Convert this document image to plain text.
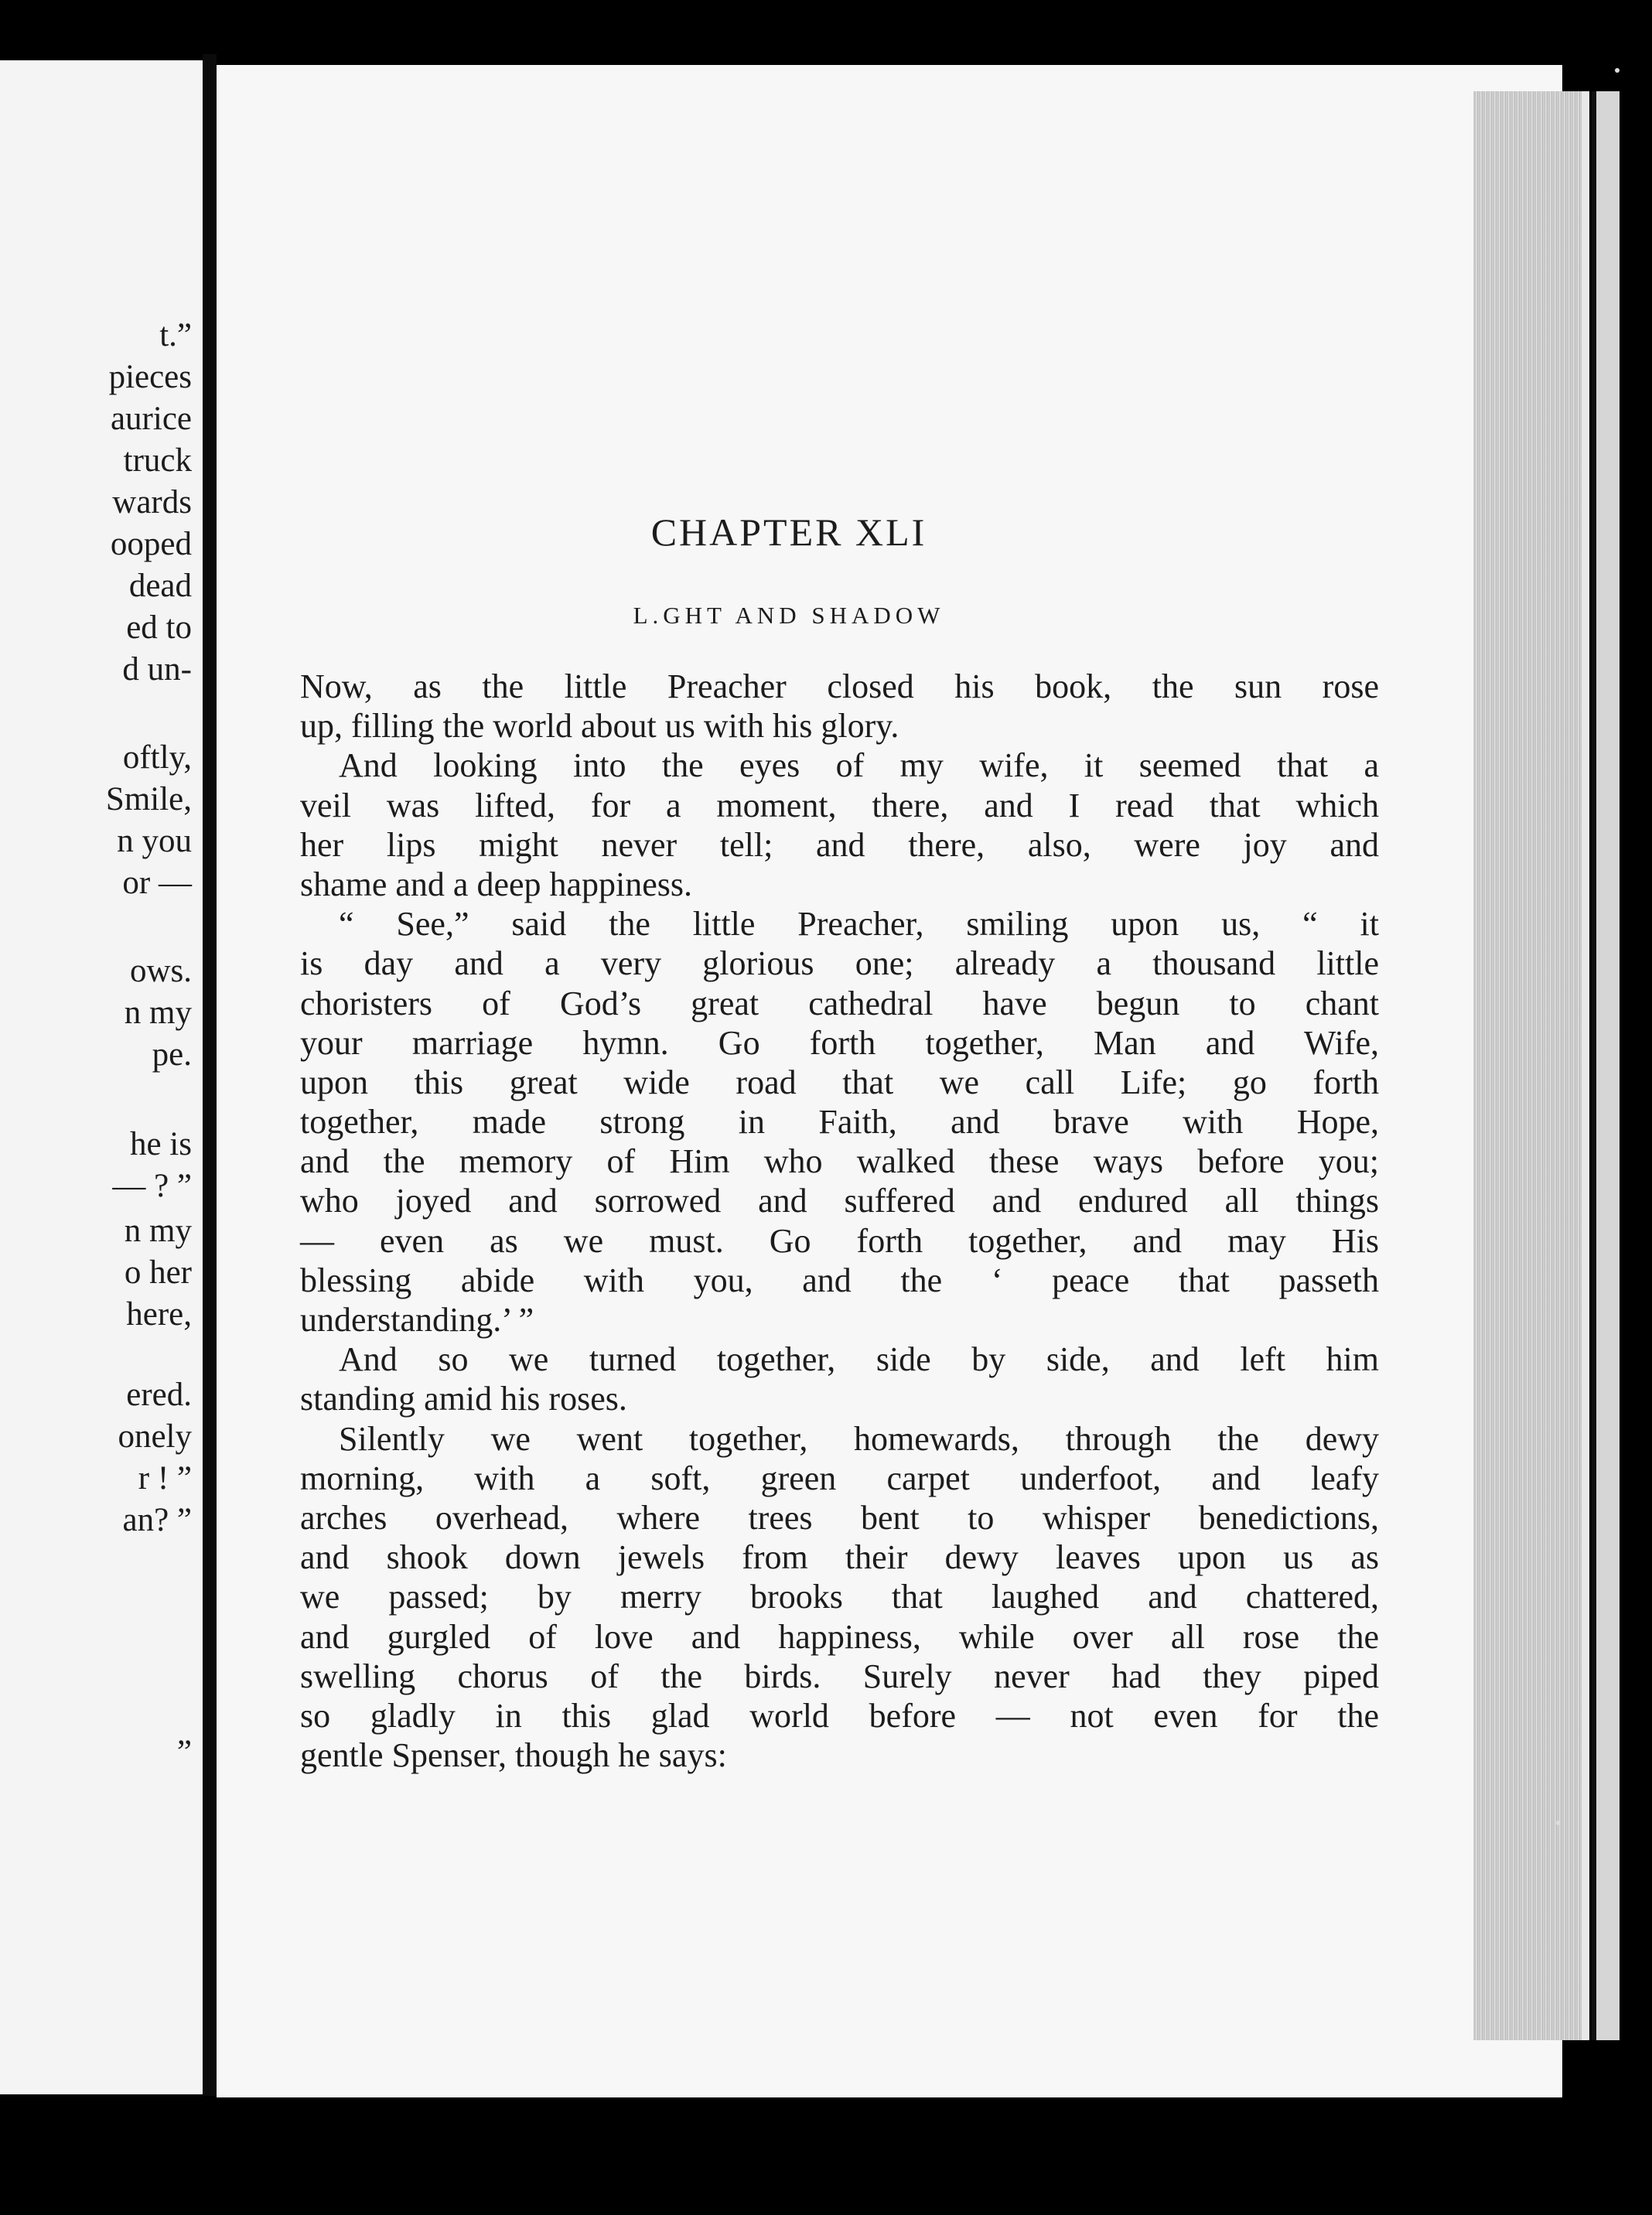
t.”
pieces
aurice
truck
wards
ooped
dead
ed to
d un-
oftly,
Smile,
n you
or —
ows.
n my
pe.
he is
— ? ”
n my
o her
here,
ered.
onely
r ! ”
an? ”
”
CHAPTER XLI
L.GHT AND SHADOW
Now, as the little Preacher closed his book, the sun rose
up, filling the world about us with his glory.
And looking into the eyes of my wife, it seemed that a
veil was lifted, for a moment, there, and I read that which
her lips might never tell; and there, also, were joy and
shame and a deep happiness.
“ See,” said the little Preacher, smiling upon us, “ it
is day and a very glorious one; already a thousand little
choristers of God’s great cathedral have begun to chant
your marriage hymn. Go forth together, Man and Wife,
upon this great wide road that we call Life; go forth
together, made strong in Faith, and brave with Hope,
and the memory of Him who walked these ways before you;
who joyed and sorrowed and suffered and endured all things
— even as we must. Go forth together, and may His
blessing abide with you, and the ‘ peace that passeth
understanding.’ ”
And so we turned together, side by side, and left him
standing amid his roses.
Silently we went together, homewards, through the dewy
morning, with a soft, green carpet underfoot, and leafy
arches overhead, where trees bent to whisper benedictions,
and shook down jewels from their dewy leaves upon us as
we passed; by merry brooks that laughed and chattered,
and gurgled of love and happiness, while over all rose the
swelling chorus of the birds. Surely never had they piped
so gladly in this glad world before — not even for the
gentle Spenser, though he says:
